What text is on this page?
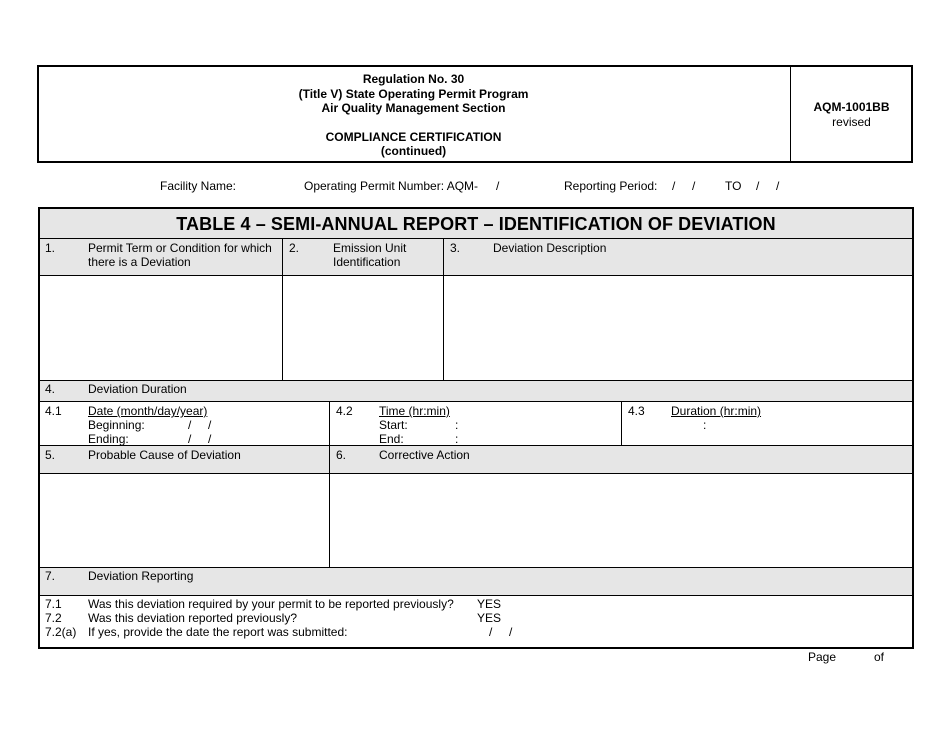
Regulation No. 30
(Title V) State Operating Permit Program
Air Quality Management Section
COMPLIANCE CERTIFICATION
(continued)
AQM-1001BB
revised
Facility Name:	Operating Permit Number: AQM- /	Reporting Period: /     / TO /     /
TABLE 4 – SEMI-ANNUAL REPORT – IDENTIFICATION OF DEVIATION
1.	Permit Term or Condition for which
there is a Deviation
2.	Emission Unit
Identification
3.	Deviation Description
4.	Deviation Duration
4.1 Date (month/day/year)
Beginning:	/     /
Ending:	/     /
4.2 Time (hr:min)
Start:	:
End:	:
4.3 Duration (hr:min)
:
5.	Probable Cause of Deviation	6.	Corrective Action
7.	Deviation Reporting
7.1 Was this deviation required by your permit to be reported previously? YES
7.2 Was this deviation reported previously?	YES
7.2(a) If yes, provide the date the report was submitted:	/     /
Page	of
